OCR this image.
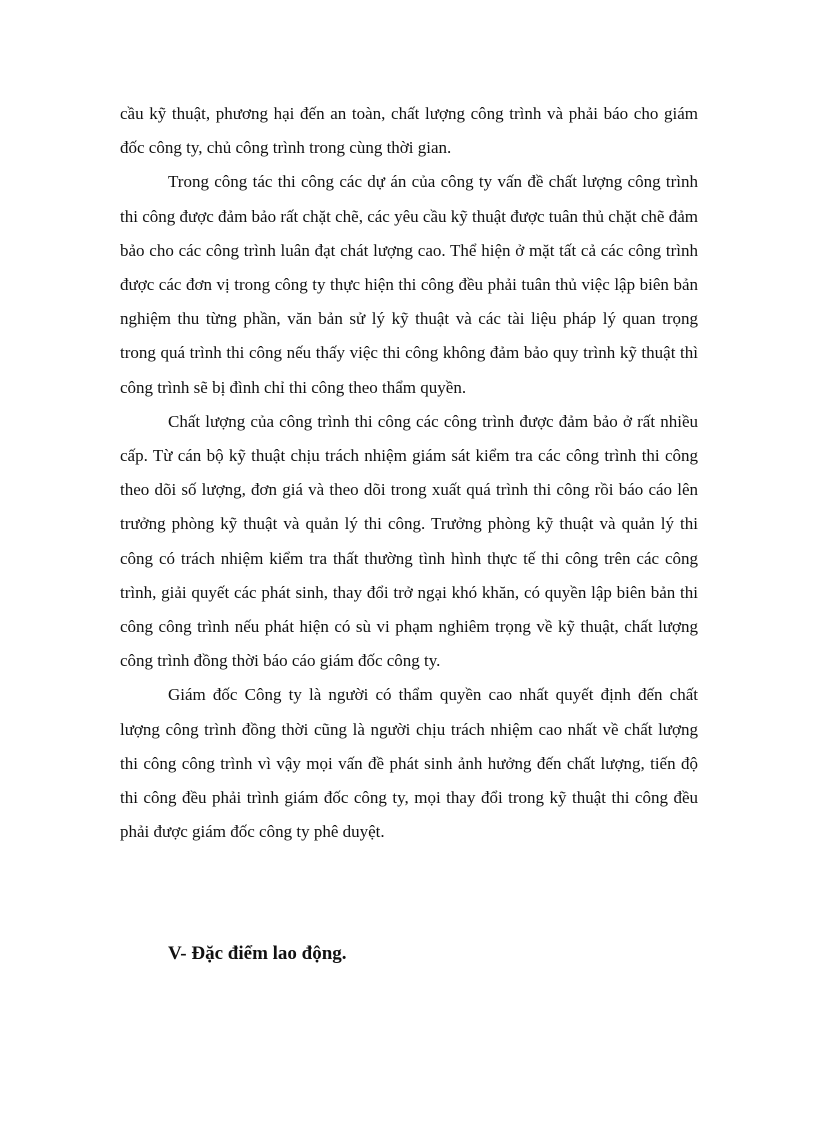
cầu kỹ thuật, phương hại đến an toàn, chất lượng công trình và phải báo cho giám đốc công ty, chủ công trình trong cùng thời gian.

Trong công tác thi công các dự án của công ty vấn đề chất lượng công trình thi công được đảm bảo rất chặt chẽ, các yêu cầu kỹ thuật được tuân thủ chặt chẽ đảm bảo cho các công trình luân đạt chát lượng cao. Thể hiện ở mặt tất cả các công trình được các đơn vị trong công ty thực hiện thi công đều phải tuân thủ việc lập biên bản nghiệm thu từng phần, văn bản sử lý kỹ thuật và các tài liệu pháp lý quan trọng trong quá trình thi công nếu thấy việc thi công không đảm bảo quy trình kỹ thuật thì công trình sẽ bị đình chỉ thi công theo thẩm quyền.

Chất lượng của công trình thi công các công trình được đảm bảo ở rất nhiều cấp. Từ cán bộ kỹ thuật chịu trách nhiệm giám sát kiểm tra các công trình thi công theo dõi số lượng, đơn giá và theo dõi trong xuất quá trình thi công rồi báo cáo lên trưởng phòng kỹ thuật và quản lý thi công. Trưởng phòng kỹ thuật và quản lý thi công có trách nhiệm kiểm tra thất thường tình hình thực tế thi công trên các công trình, giải quyết các phát sinh, thay đổi trở ngại khó khăn, có quyền lập biên bản thi công công trình nếu phát hiện có sù vi phạm nghiêm trọng về kỹ thuật, chất lượng công trình đồng thời báo cáo giám đốc công ty.

Giám đốc Công ty là người có thẩm quyền cao nhất quyết định đến chất lượng công trình đồng thời cũng là người chịu trách nhiệm cao nhất về chất lượng thi công công trình vì vậy mọi vấn đề phát sinh ảnh hưởng đến chất lượng, tiến độ thi công đều phải trình giám đốc công ty, mọi thay đổi trong kỹ thuật thi công đều phải được giám đốc công ty phê duyệt.

V- Đặc điểm lao động.
